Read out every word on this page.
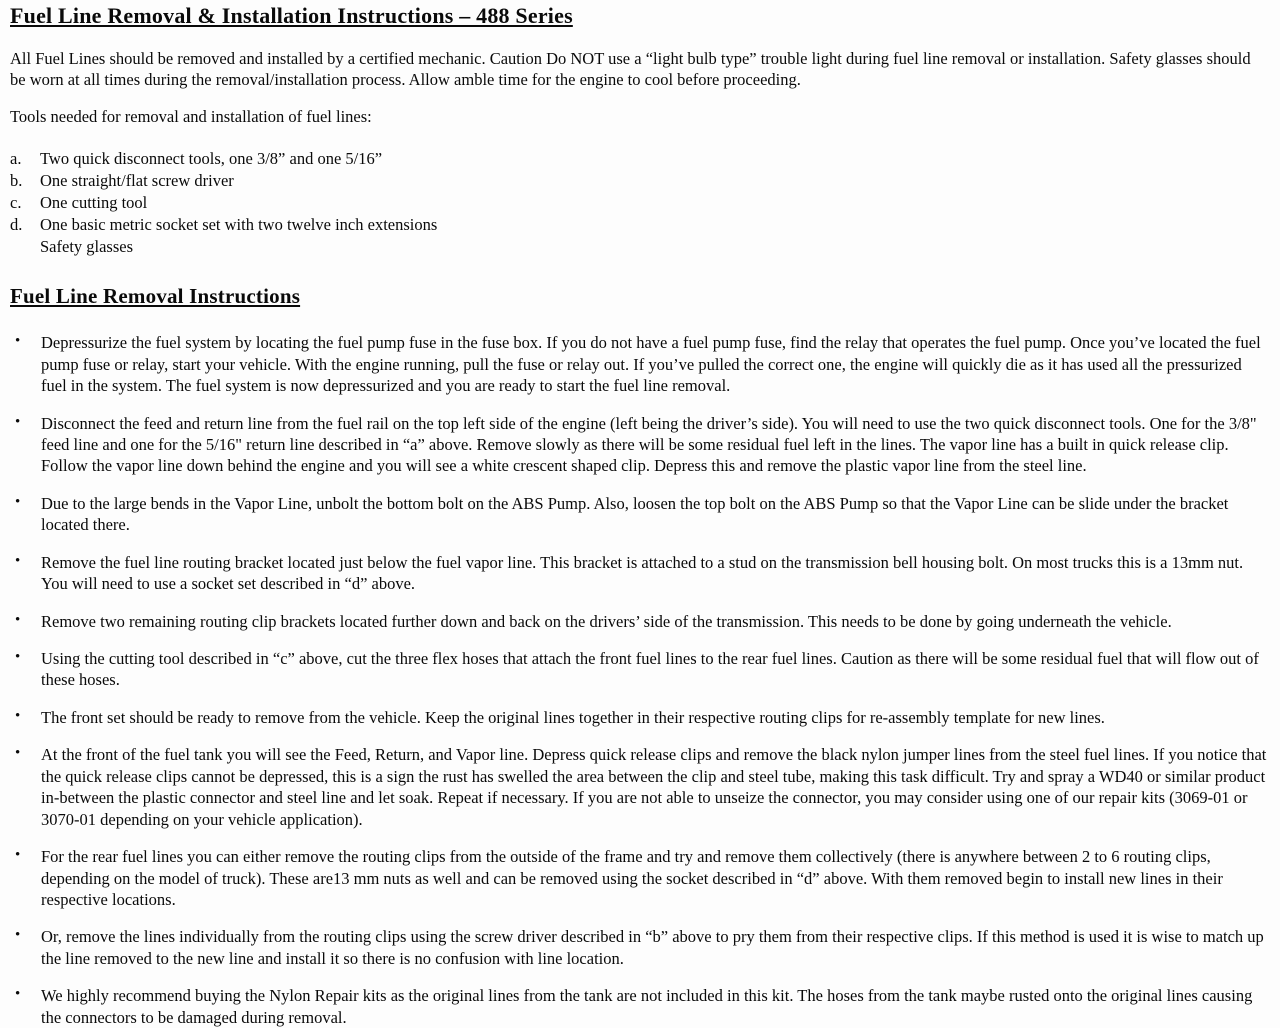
Fuel Line Removal & Installation Instructions – 488 Series

All Fuel Lines should be removed and installed by a certified mechanic. Caution Do NOT use a “light bulb type” trouble light during fuel line removal or installation. Safety glasses should be worn at all times during the removal/installation process. Allow amble time for the engine to cool before proceeding.

Tools needed for removal and installation of fuel lines:

a.	Two quick disconnect tools, one 3/8” and one 5/16”
b.	One straight/flat screw driver
c.	One cutting tool
d.	One basic metric socket set with two twelve inch extensions
Safety glasses
Fuel Line Removal Instructions
•	Depressurize the fuel system by locating the fuel pump fuse in the fuse box. If you do not have a fuel pump fuse, find the relay that operates the fuel pump. Once you’ve located the fuel pump fuse or relay, start your vehicle. With the engine running, pull the fuse or relay out. If you’ve pulled the correct one, the engine will quickly die as it has used all the pressurized fuel in the system. The fuel system is now depressurized and you are ready to start the fuel line removal.
•	Disconnect the feed and return line from the fuel rail on the top left side of the engine (left being the driver’s side). You will need to use the two quick disconnect tools. One for the 3/8" feed line and one for the 5/16" return line described in “a” above. Remove slowly as there will be some residual fuel left in the lines. The vapor line has a built in quick release clip. Follow the vapor line down behind the engine and you will see a white crescent shaped clip. Depress this and remove the plastic vapor line from the steel line.
•	Due to the large bends in the Vapor Line, unbolt the bottom bolt on the ABS Pump. Also, loosen the top bolt on the ABS Pump so that the Vapor Line can be slide under the bracket located there.
•	Remove the fuel line routing bracket located just below the fuel vapor line. This bracket is attached to a stud on the transmission bell housing bolt. On most trucks this is a 13mm nut. You will need to use a socket set described in “d” above.
•	Remove two remaining routing clip brackets located further down and back on the drivers’ side of the transmission. This needs to be done by going underneath the vehicle.
•	Using the cutting tool described in “c” above, cut the three flex hoses that attach the front fuel lines to the rear fuel lines. Caution as there will be some residual fuel that will flow out of these hoses.
•	The front set should be ready to remove from the vehicle. Keep the original lines together in their respective routing clips for re-assembly template for new lines.
•	At the front of the fuel tank you will see the Feed, Return, and Vapor line. Depress quick release clips and remove the black nylon jumper lines from the steel fuel lines. If you notice that the quick release clips cannot be depressed, this is a sign the rust has swelled the area between the clip and steel tube, making this task difficult. Try and spray a WD40 or similar product in-between the plastic connector and steel line and let soak. Repeat if necessary. If you are not able to unseize the connector, you may consider using one of our repair kits (3069-01 or 3070-01 depending on your vehicle application).
•	For the rear fuel lines you can either remove the routing clips from the outside of the frame and try and remove them collectively (there is anywhere between 2 to 6 routing clips, depending on the model of truck). These are13 mm nuts as well and can be removed using the socket described in “d” above. With them removed begin to install new lines in their respective locations.
•	Or, remove the lines individually from the routing clips using the screw driver described in “b” above to pry them from their respective clips. If this method is used it is wise to match up the line removed to the new line and install it so there is no confusion with line location.
•	We highly recommend buying the Nylon Repair kits as the original lines from the tank are not included in this kit. The hoses from the tank maybe rusted onto the original lines causing the connectors to be damaged during removal.
